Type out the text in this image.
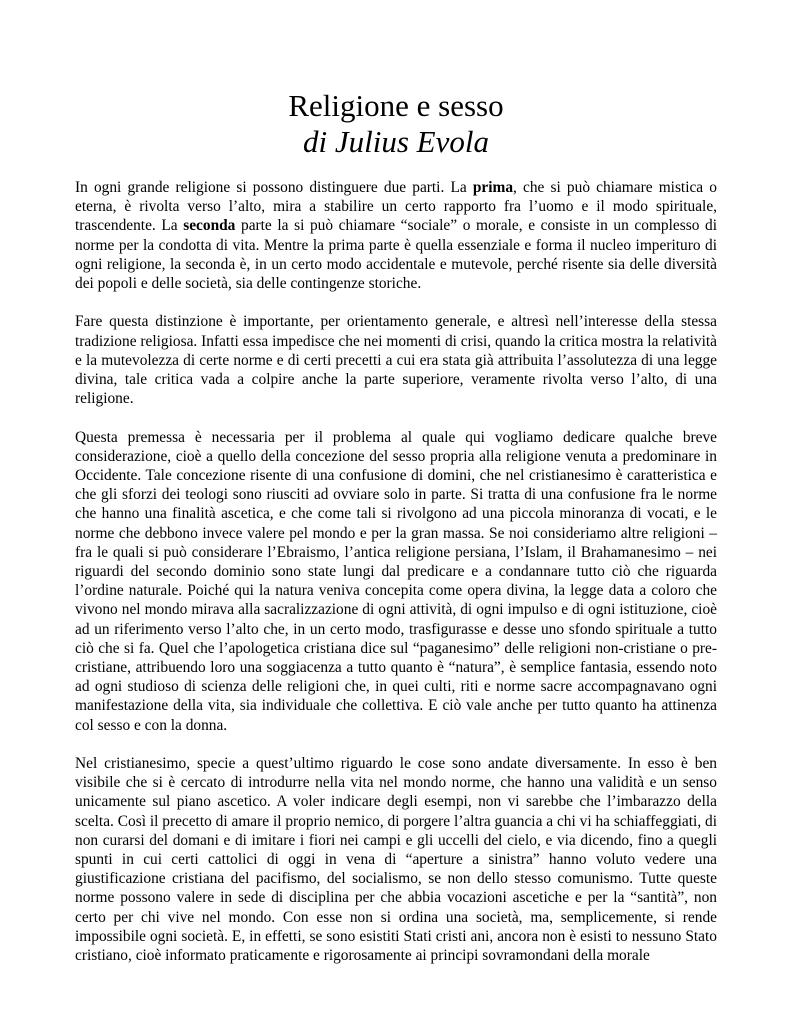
Religione e sesso
di Julius Evola

In ogni grande religione si possono distinguere due parti. La prima, che si può chiamare mistica o eterna, è rivolta verso l’alto, mira a stabilire un certo rapporto fra l’uomo e il modo spirituale, trascendente. La seconda parte la si può chiamare “sociale” o morale, e consiste in un complesso di norme per la condotta di vita. Mentre la prima parte è quella essenziale e forma il nucleo imperituro di ogni religione, la seconda è, in un certo modo accidentale e mutevole, perché risente sia delle diversità dei popoli e delle società, sia delle contingenze storiche.

Fare questa distinzione è importante, per orientamento generale, e altresì nell’interesse della stessa tradizione religiosa. Infatti essa impedisce che nei momenti di crisi, quando la critica mostra la relatività e la mutevolezza di certe norme e di certi precetti a cui era stata già attribuita l’assolutezza di una legge divina, tale critica vada a colpire anche la parte superiore, veramente rivolta verso l’alto, di una religione.

Questa premessa è necessaria per il problema al quale qui vogliamo dedicare qualche breve considerazione, cioè a quello della concezione del sesso propria alla religione venuta a predominare in Occidente. Tale concezione risente di una confusione di domini, che nel cristianesimo è caratteristica e che gli sforzi dei teologi sono riusciti ad ovviare solo in parte. Si tratta di una confusione fra le norme che hanno una finalità ascetica, e che come tali si rivolgono ad una piccola minoranza di vocati, e le norme che debbono invece valere pel mondo e per la gran massa. Se noi consideriamo altre religioni – fra le quali si può considerare l’Ebraismo, l’antica religione persiana, l’Islam, il Brahamanesimo – nei riguardi del secondo dominio sono state lungi dal predicare e a condannare tutto ciò che riguarda l’ordine naturale. Poiché qui la natura veniva concepita come opera divina, la legge data a coloro che vivono nel mondo mirava alla sacralizzazione di ogni attività, di ogni impulso e di ogni istituzione, cioè ad un riferimento verso l’alto che, in un certo modo, trasfigurasse e desse uno sfondo spirituale a tutto ciò che si fa. Quel che l’apologetica cristiana dice sul “paganesimo” delle religioni non-cristiane o pre-cristiane, attribuendo loro una soggiacenza a tutto quanto è “natura”, è semplice fantasia, essendo noto ad ogni studioso di scienza delle religioni che, in quei culti, riti e norme sacre accompagnavano ogni manifestazione della vita, sia individuale che collettiva. E ciò vale anche per tutto quanto ha attinenza col sesso e con la donna.

Nel cristianesimo, specie a quest’ultimo riguardo le cose sono andate diversamente. In esso è ben visibile che si è cercato di introdurre nella vita nel mondo norme, che hanno una validità e un senso unicamente sul piano ascetico. A voler indicare degli esempi, non vi sarebbe che l’imbarazzo della scelta. Così il precetto di amare il proprio nemico, di porgere l’altra guancia a chi vi ha schiaffeggiati, di non curarsi del domani e di imitare i fiori nei campi e gli uccelli del cielo, e via dicendo, fino a quegli spunti in cui certi cattolici di oggi in vena di “aperture a sinistra” hanno voluto vedere una giustificazione cristiana del pacifismo, del socialismo, se non dello stesso comunismo. Tutte queste norme possono valere in sede di disciplina per che abbia vocazioni ascetiche e per la “santità”, non certo per chi vive nel mondo. Con esse non si ordina una società, ma, semplicemente, si rende impossibile ogni società. E, in effetti, se sono esistiti Stati cristi ani, ancora non è esisti to nessuno Stato cristiano, cioè informato praticamente e rigorosamente ai principi sovramondani della morale
